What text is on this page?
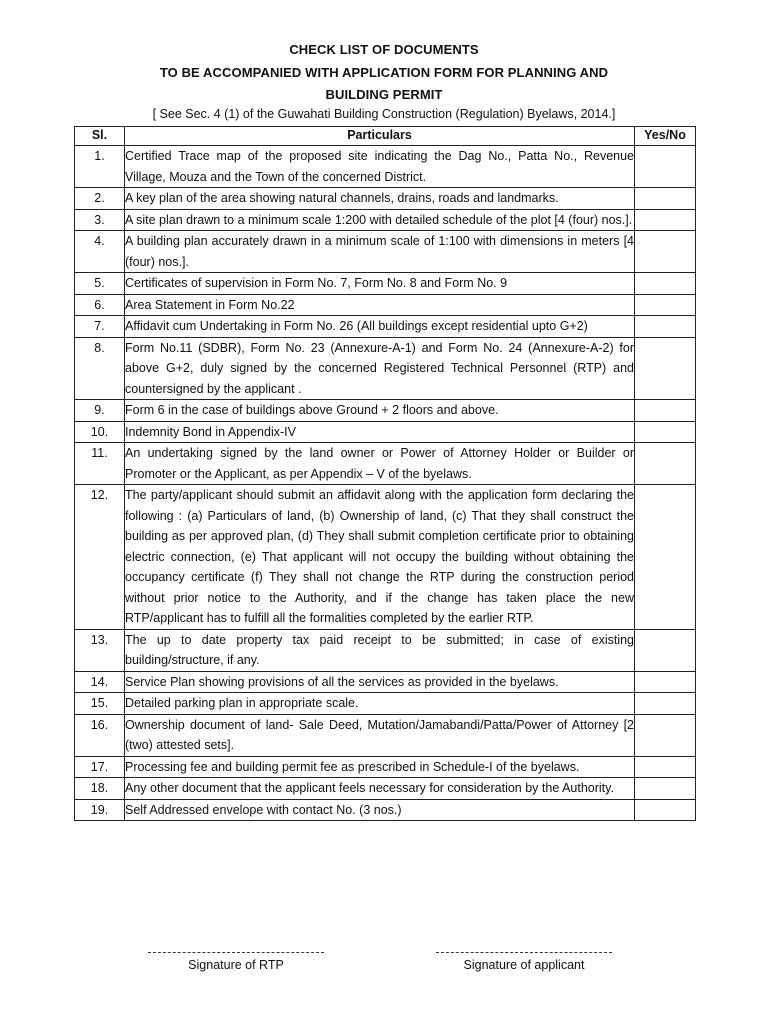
CHECK LIST OF DOCUMENTS
TO BE ACCOMPANIED WITH APPLICATION FORM FOR PLANNING AND
BUILDING PERMIT
[ See Sec. 4 (1) of the Guwahati Building Construction (Regulation) Byelaws, 2014.]
Sl.	Particulars	Yes/No
1.	Certified Trace map of the proposed site indicating the Dag No., Patta No., Revenue Village, Mouza and the Town of the concerned District.	
2.	A key plan of the area showing natural channels, drains, roads and landmarks.	
3.	A site plan drawn to a minimum scale 1:200 with detailed schedule of the plot [4 (four) nos.].	
4.	A building plan accurately drawn in a minimum scale of 1:100 with dimensions in meters [4 (four) nos.].	
5.	Certificates of supervision in Form No. 7, Form No. 8 and Form No. 9	
6.	Area Statement in Form No.22	
7.	Affidavit cum Undertaking in Form No. 26 (All buildings except residential upto G+2)	
8.	Form No.11 (SDBR), Form No. 23 (Annexure-A-1) and Form No. 24 (Annexure-A-2) for above G+2, duly signed by the concerned Registered Technical Personnel (RTP) and countersigned by the applicant .	
9.	Form 6 in the case of buildings above Ground + 2 floors and above.	
10.	Indemnity Bond in Appendix-IV	
11.	An undertaking signed by the land owner or Power of Attorney Holder or Builder or Promoter or the Applicant, as per Appendix – V of the byelaws.	
12.	The party/applicant should submit an affidavit along with the application form declaring the following : (a) Particulars of land, (b) Ownership of land, (c) That they shall construct the building as per approved plan, (d) They shall submit completion certificate prior to obtaining electric connection, (e) That applicant will not occupy the building without obtaining the occupancy certificate (f) They shall not change the RTP during the construction period without prior notice to the Authority, and if the change has taken place the new RTP/applicant has to fulfill all the formalities completed by the earlier RTP.	
13.	The up to date property tax paid receipt to be submitted; in case of existing building/structure, if any.	
14.	Service Plan showing provisions of all the services as provided in the byelaws.	
15.	Detailed parking plan in appropriate scale.	
16.	Ownership document of land- Sale Deed, Mutation/Jamabandi/Patta/Power of Attorney [2 (two) attested sets].	
17.	Processing fee and building permit fee as prescribed in Schedule-I of the byelaws.	
18.	Any other document that the applicant feels necessary for consideration by the Authority.	
19.	Self Addressed envelope with contact No. (3 nos.)	
Signature of RTP	Signature of applicant
